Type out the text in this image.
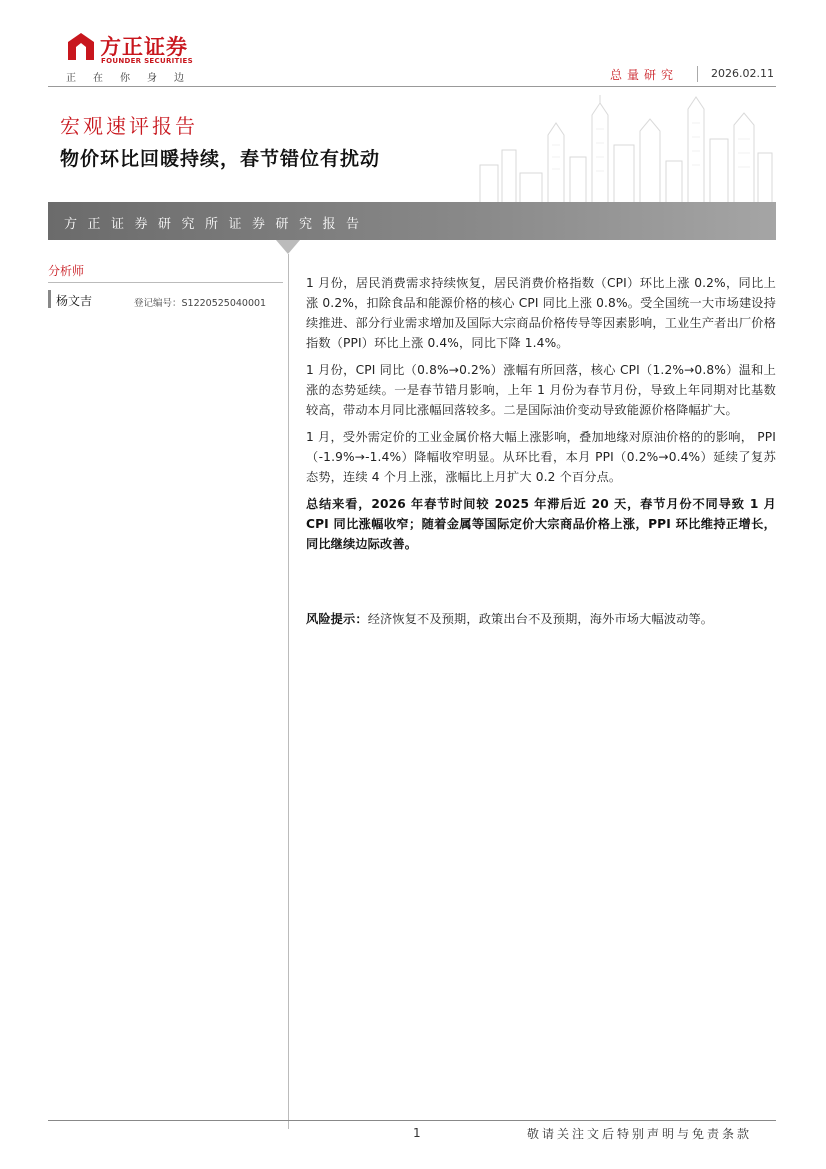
方正证券
FOUNDER SECURITIES
正在你身边	总量研究	2026.02.11
宏观速评报告
物价环比回暖持续，春节错位有扰动
方正证券研究所证券研究报告
分析师
杨文吉	登记编号：S1220525040001

1 月份，居民消费需求持续恢复，居民消费价格指数（CPI）环比上涨 0.2%，同比上涨 0.2%，扣除食品和能源价格的核心 CPI 同比上涨 0.8%。受全国统一大市场建设持续推进、部分行业需求增加及国际大宗商品价格传导等因素影响，工业生产者出厂价格指数（PPI）环比上涨 0.4%，同比下降 1.4%。

1 月份，CPI 同比（0.8%→0.2%）涨幅有所回落，核心 CPI（1.2%→0.8%）温和上涨的态势延续。一是春节错月影响，上年 1 月份为春节月份，导致上年同期对比基数较高，带动本月同比涨幅回落较多。二是国际油价变动导致能源价格降幅扩大。

1 月，受外需定价的工业金属价格大幅上涨影响，叠加地缘对原油价格的的影响， PPI（-1.9%→-1.4%）降幅收窄明显。从环比看，本月 PPI（0.2%→0.4%）延续了复苏态势，连续 4 个月上涨，涨幅比上月扩大 0.2 个百分点。

总结来看，2026 年春节时间较 2025 年滞后近 20 天，春节月份不同导致 1 月 CPI 同比涨幅收窄；随着金属等国际定价大宗商品价格上涨，PPI 环比维持正增长，同比继续边际改善。

风险提示：经济恢复不及预期，政策出台不及预期，海外市场大幅波动等。
1	敬请关注文后特别声明与免责条款
